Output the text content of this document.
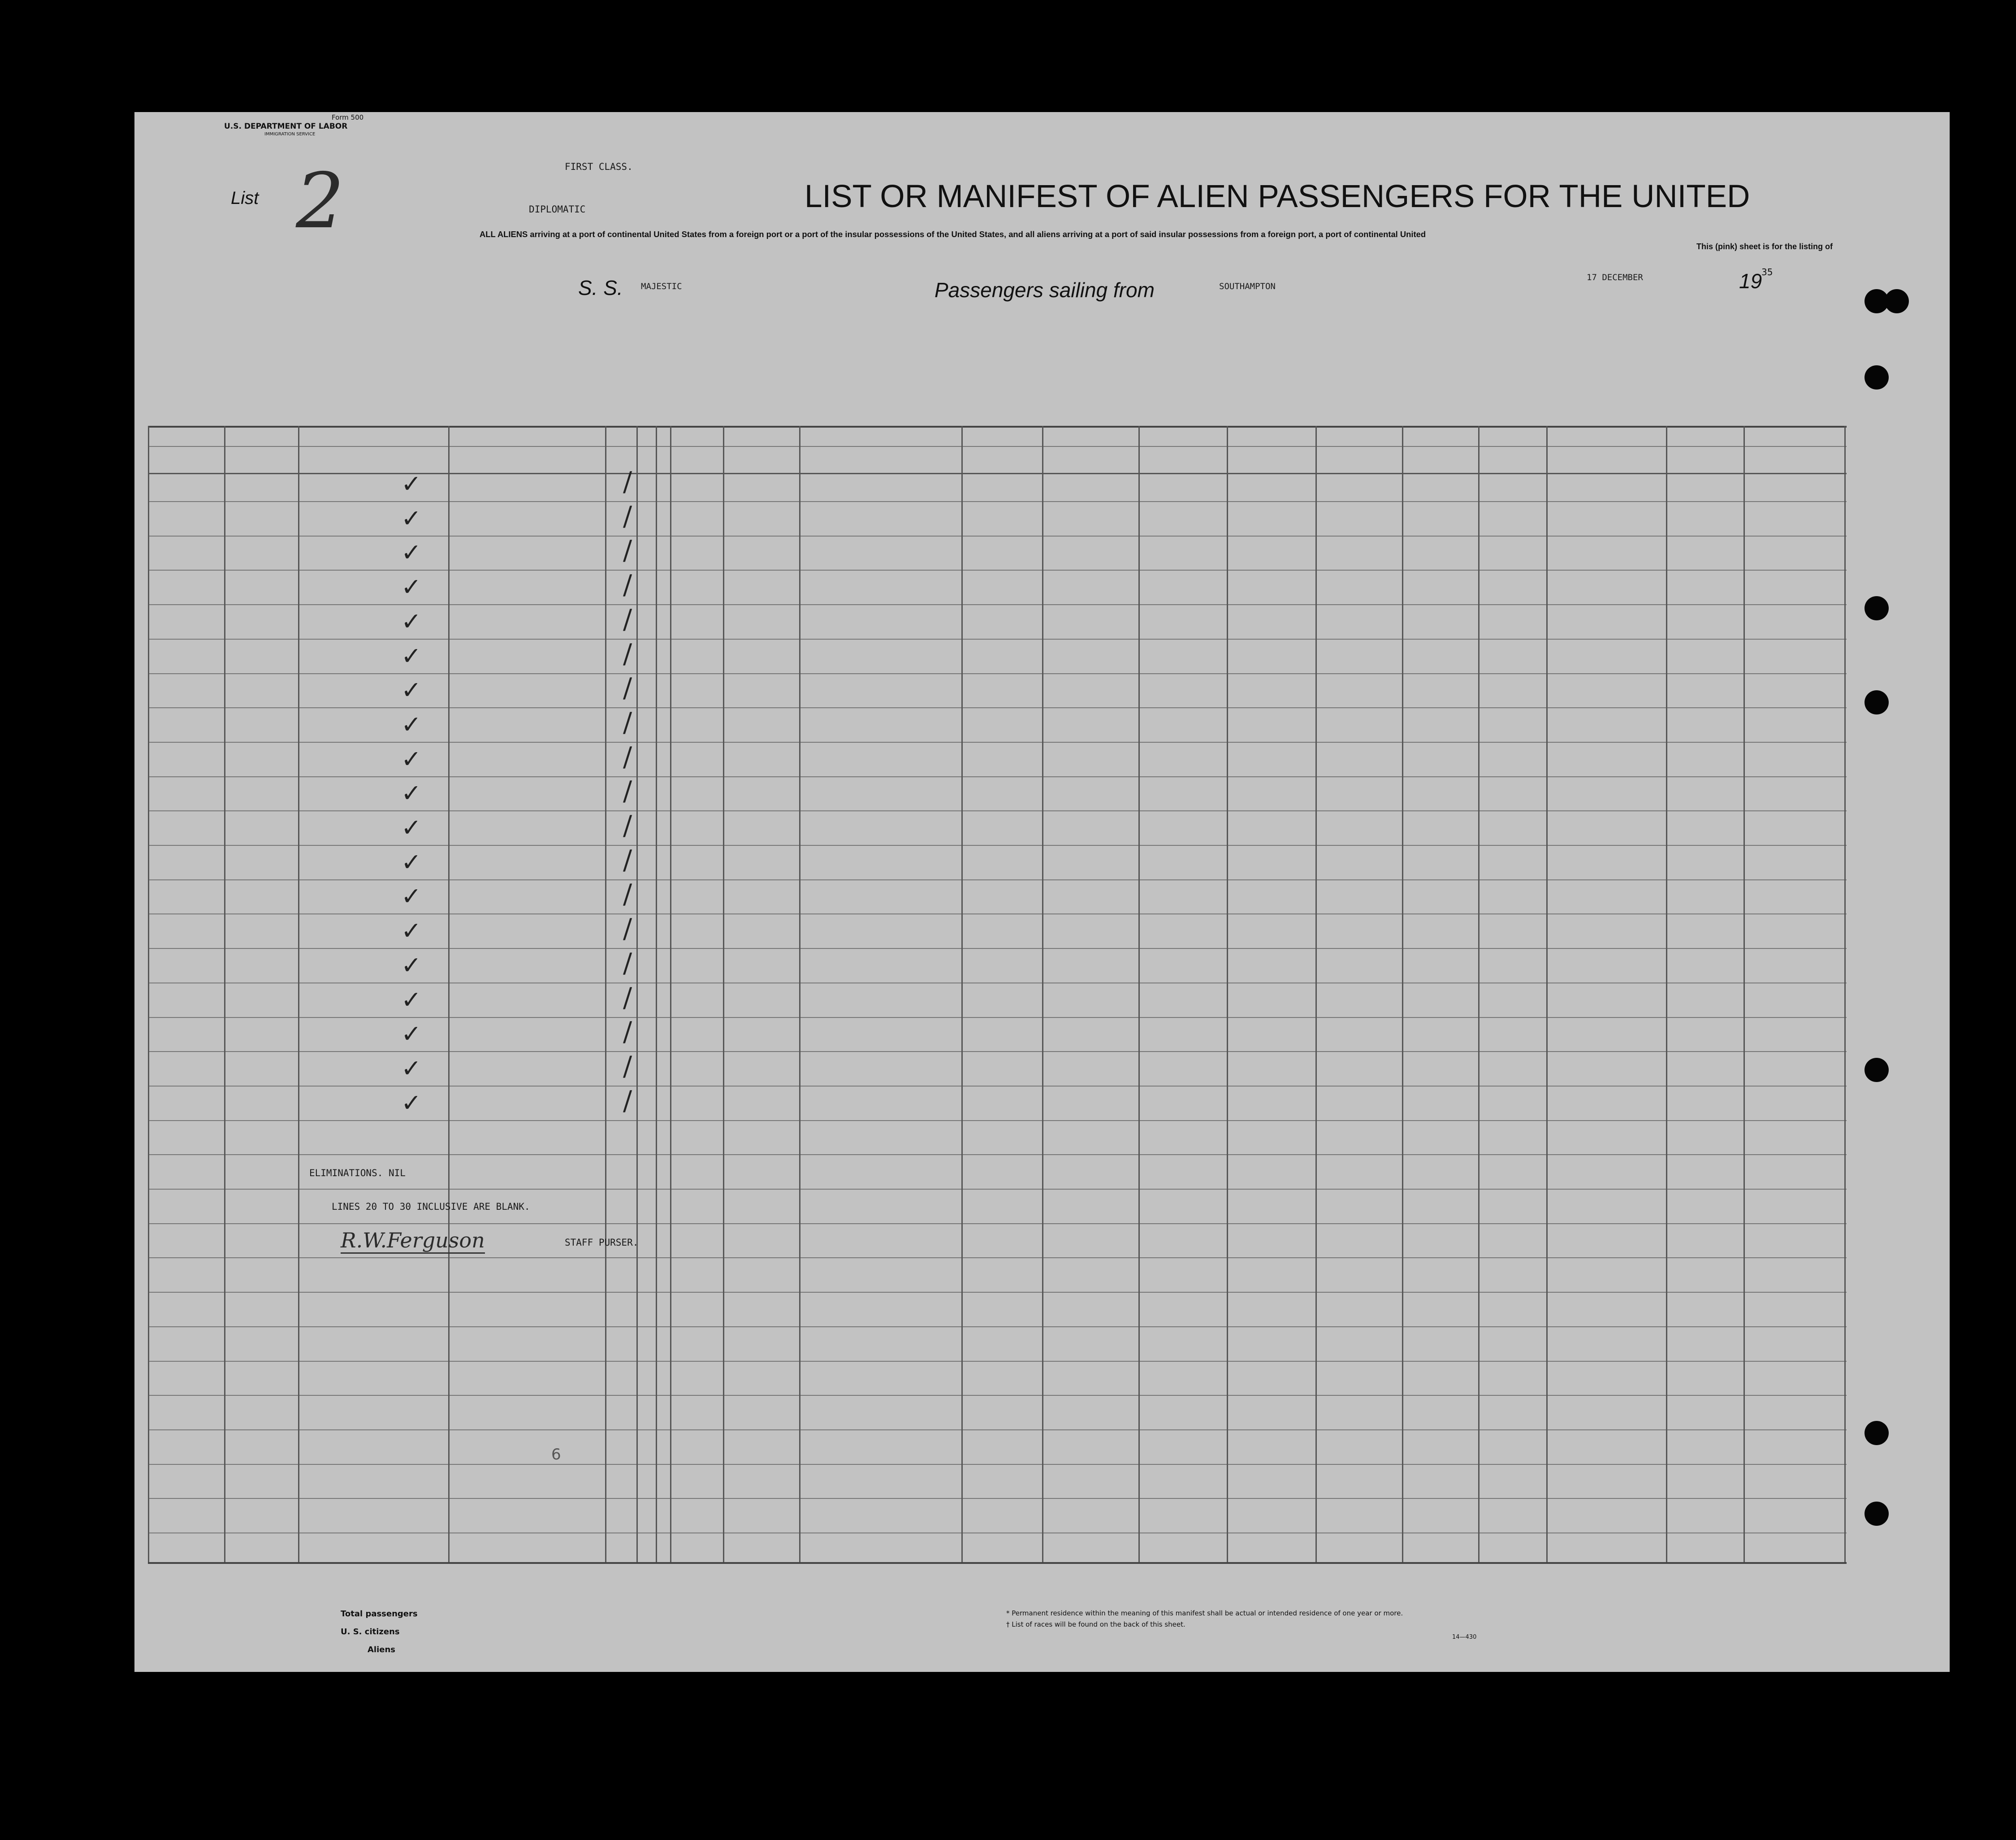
Form 500
U.S. DEPARTMENT OF LABOR
IMMIGRATION SERVICE
List 2	FIRST CLASS.
DIPLOMATIC	LIST OR MANIFEST OF ALIEN PASSENGERS FOR THE UNITED
ALL ALIENS arriving at a port of continental United States from a foreign port or a port of the insular possessions of the United States, and all aliens arriving at a port of said insular possessions from a foreign port, a port of continental United
This (pink) sheet is for the listing of
S. S. MAJESTIC	Passengers sailing from	SOUTHAMPTON
17 DECEMBER	19
35
✓	/
✓	/
✓	/
✓	/
✓	/
✓	/
✓	/
✓	/
✓	/
✓	/
✓	/
✓	/
✓	/
✓	/
✓	/
✓	/
✓	/
✓	/
✓	/
ELIMINATIONS. NIL
LINES 20 TO 30 INCLUSIVE ARE BLANK.
R.W.Ferguson	STAFF PURSER.
6
Total passengers
U. S. citizens
Aliens
* Permanent residence within the meaning of this manifest shall be actual or intended residence of one year or more.
† List of races will be found on the back of this sheet.
14—430
